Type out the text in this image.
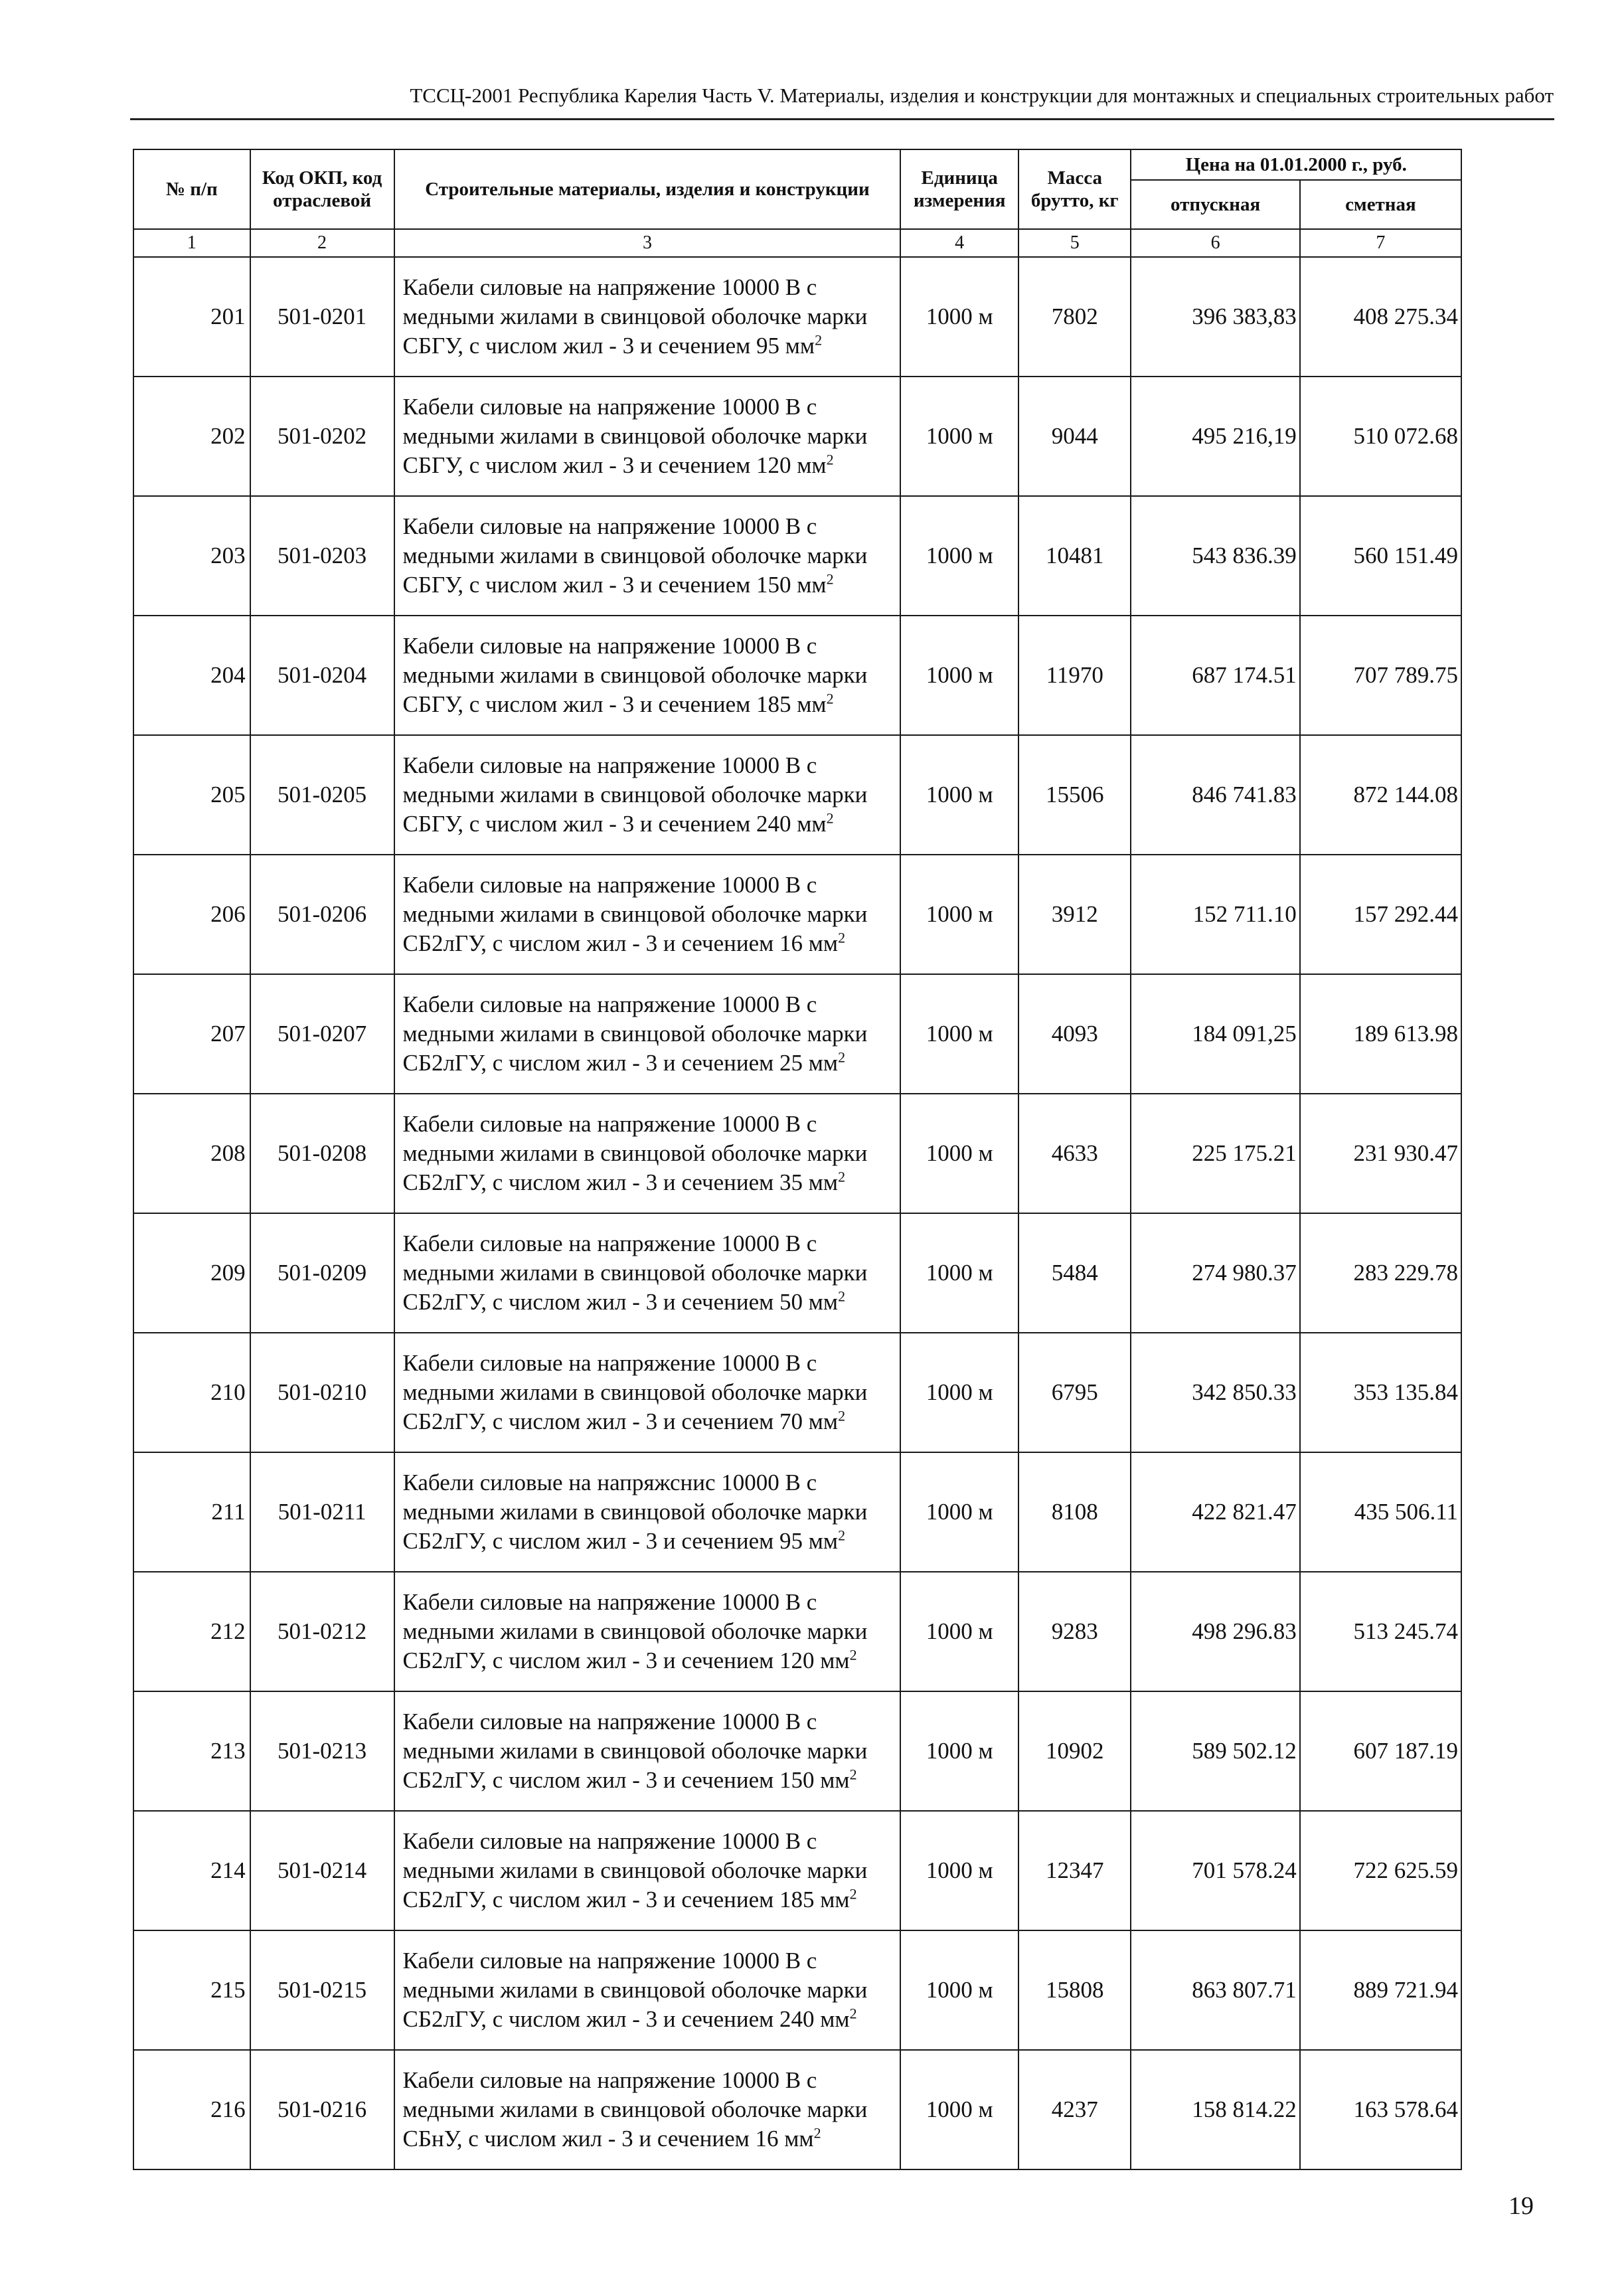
ТССЦ-2001 Республика Карелия Часть V. Материалы, изделия и конструкции для монтажных и специальных строительных работ
№ п/п	Код ОКП, код отраслевой	Строительные материалы, изделия и конструкции	Единица измерения	Масса брутто, кг	Цена на 01.01.2000 г., руб.	
					отпускная	сметная
1	2	3	4	5	6	7
201	501-0201	Кабели силовые на напряжение 10000 В с медными жилами в свинцовой оболочке марки СБГУ, с числом жил - 3 и сечением 95 $мм^2$	1000 м	7802	396 383,83	408 275.34
202	501-0202	Кабели силовые на напряжение 10000 В с медными жилами в свинцовой оболочке марки СБГУ, с числом жил - 3 и сечением 120 $мм^2$	1000 м	9044	495 216,19	510 072.68
203	501-0203	Кабели силовые на напряжение 10000 В с медными жилами в свинцовой оболочке марки СБГУ, с числом жил - 3 и сечением 150 $мм^2$	1000 м	10481	543 836.39	560 151.49
204	501-0204	Кабели силовые на напряжение 10000 В с медными жилами в свинцовой оболочке марки СБГУ, с числом жил - 3 и сечением 185 $мм^2$	1000 м	11970	687 174.51	707 789.75
205	501-0205	Кабели силовые на напряжение 10000 В с медными жилами в свинцовой оболочке марки СБГУ, с числом жил - 3 и сечением 240 $мм^2$	1000 м	15506	846 741.83	872 144.08
206	501-0206	Кабели силовые на напряжение 10000 В с медными жилами в свинцовой оболочке марки СБ2лГУ, с числом жил - 3 и сечением 16 $мм^2$	1000 м	3912	152 711.10	157 292.44
207	501-0207	Кабели силовые на напряжение 10000 В с медными жилами в свинцовой оболочке марки СБ2лГУ, с числом жил - 3 и сечением 25 $мм^2$	1000 м	4093	184 091,25	189 613.98
208	501-0208	Кабели силовые на напряжение 10000 В с медными жилами в свинцовой оболочке марки СБ2лГУ, с числом жил - 3 и сечением 35 $мм^2$	1000 м	4633	225 175.21	231 930.47
209	501-0209	Кабели силовые на напряжение 10000 В с медными жилами в свинцовой оболочке марки СБ2лГУ, с числом жил - 3 и сечением 50 $мм^2$	1000 м	5484	274 980.37	283 229.78
210	501-0210	Кабели силовые на напряжение 10000 В с медными жилами в свинцовой оболочке марки СБ2лГУ, с числом жил - 3 и сечением 70 $мм^2$	1000 м	6795	342 850.33	353 135.84
211	501-0211	Кабели силовые на напряжснис 10000 В с медными жилами в свинцовой оболочке марки СБ2лГУ, с числом жил - 3 и сечением 95 $мм^2$	1000 м	8108	422 821.47	435 506.11
212	501-0212	Кабели силовые на напряжение 10000 В с медными жилами в свинцовой оболочке марки СБ2лГУ, с числом жил - 3 и сечением 120 $мм^2$	1000 м	9283	498 296.83	513 245.74
213	501-0213	Кабели силовые на напряжение 10000 В с медными жилами в свинцовой оболочке марки СБ2лГУ, с числом жил - 3 и сечением 150 $мм^2$	1000 м	10902	589 502.12	607 187.19
214	501-0214	Кабели силовые на напряжение 10000 В с медными жилами в свинцовой оболочке марки СБ2лГУ, с числом жил - 3 и сечением 185 $мм^2$	1000 м	12347	701 578.24	722 625.59
215	501-0215	Кабели силовые на напряжение 10000 В с медными жилами в свинцовой оболочке марки СБ2лГУ, с числом жил - 3 и сечением 240 $мм^2$	1000 м	15808	863 807.71	889 721.94
216	501-0216	Кабели силовые на напряжение 10000 В с медными жилами в свинцовой оболочке марки СБнУ, с числом жил - 3 и сечением 16 $мм^2$	1000 м	4237	158 814.22	163 578.64
19
